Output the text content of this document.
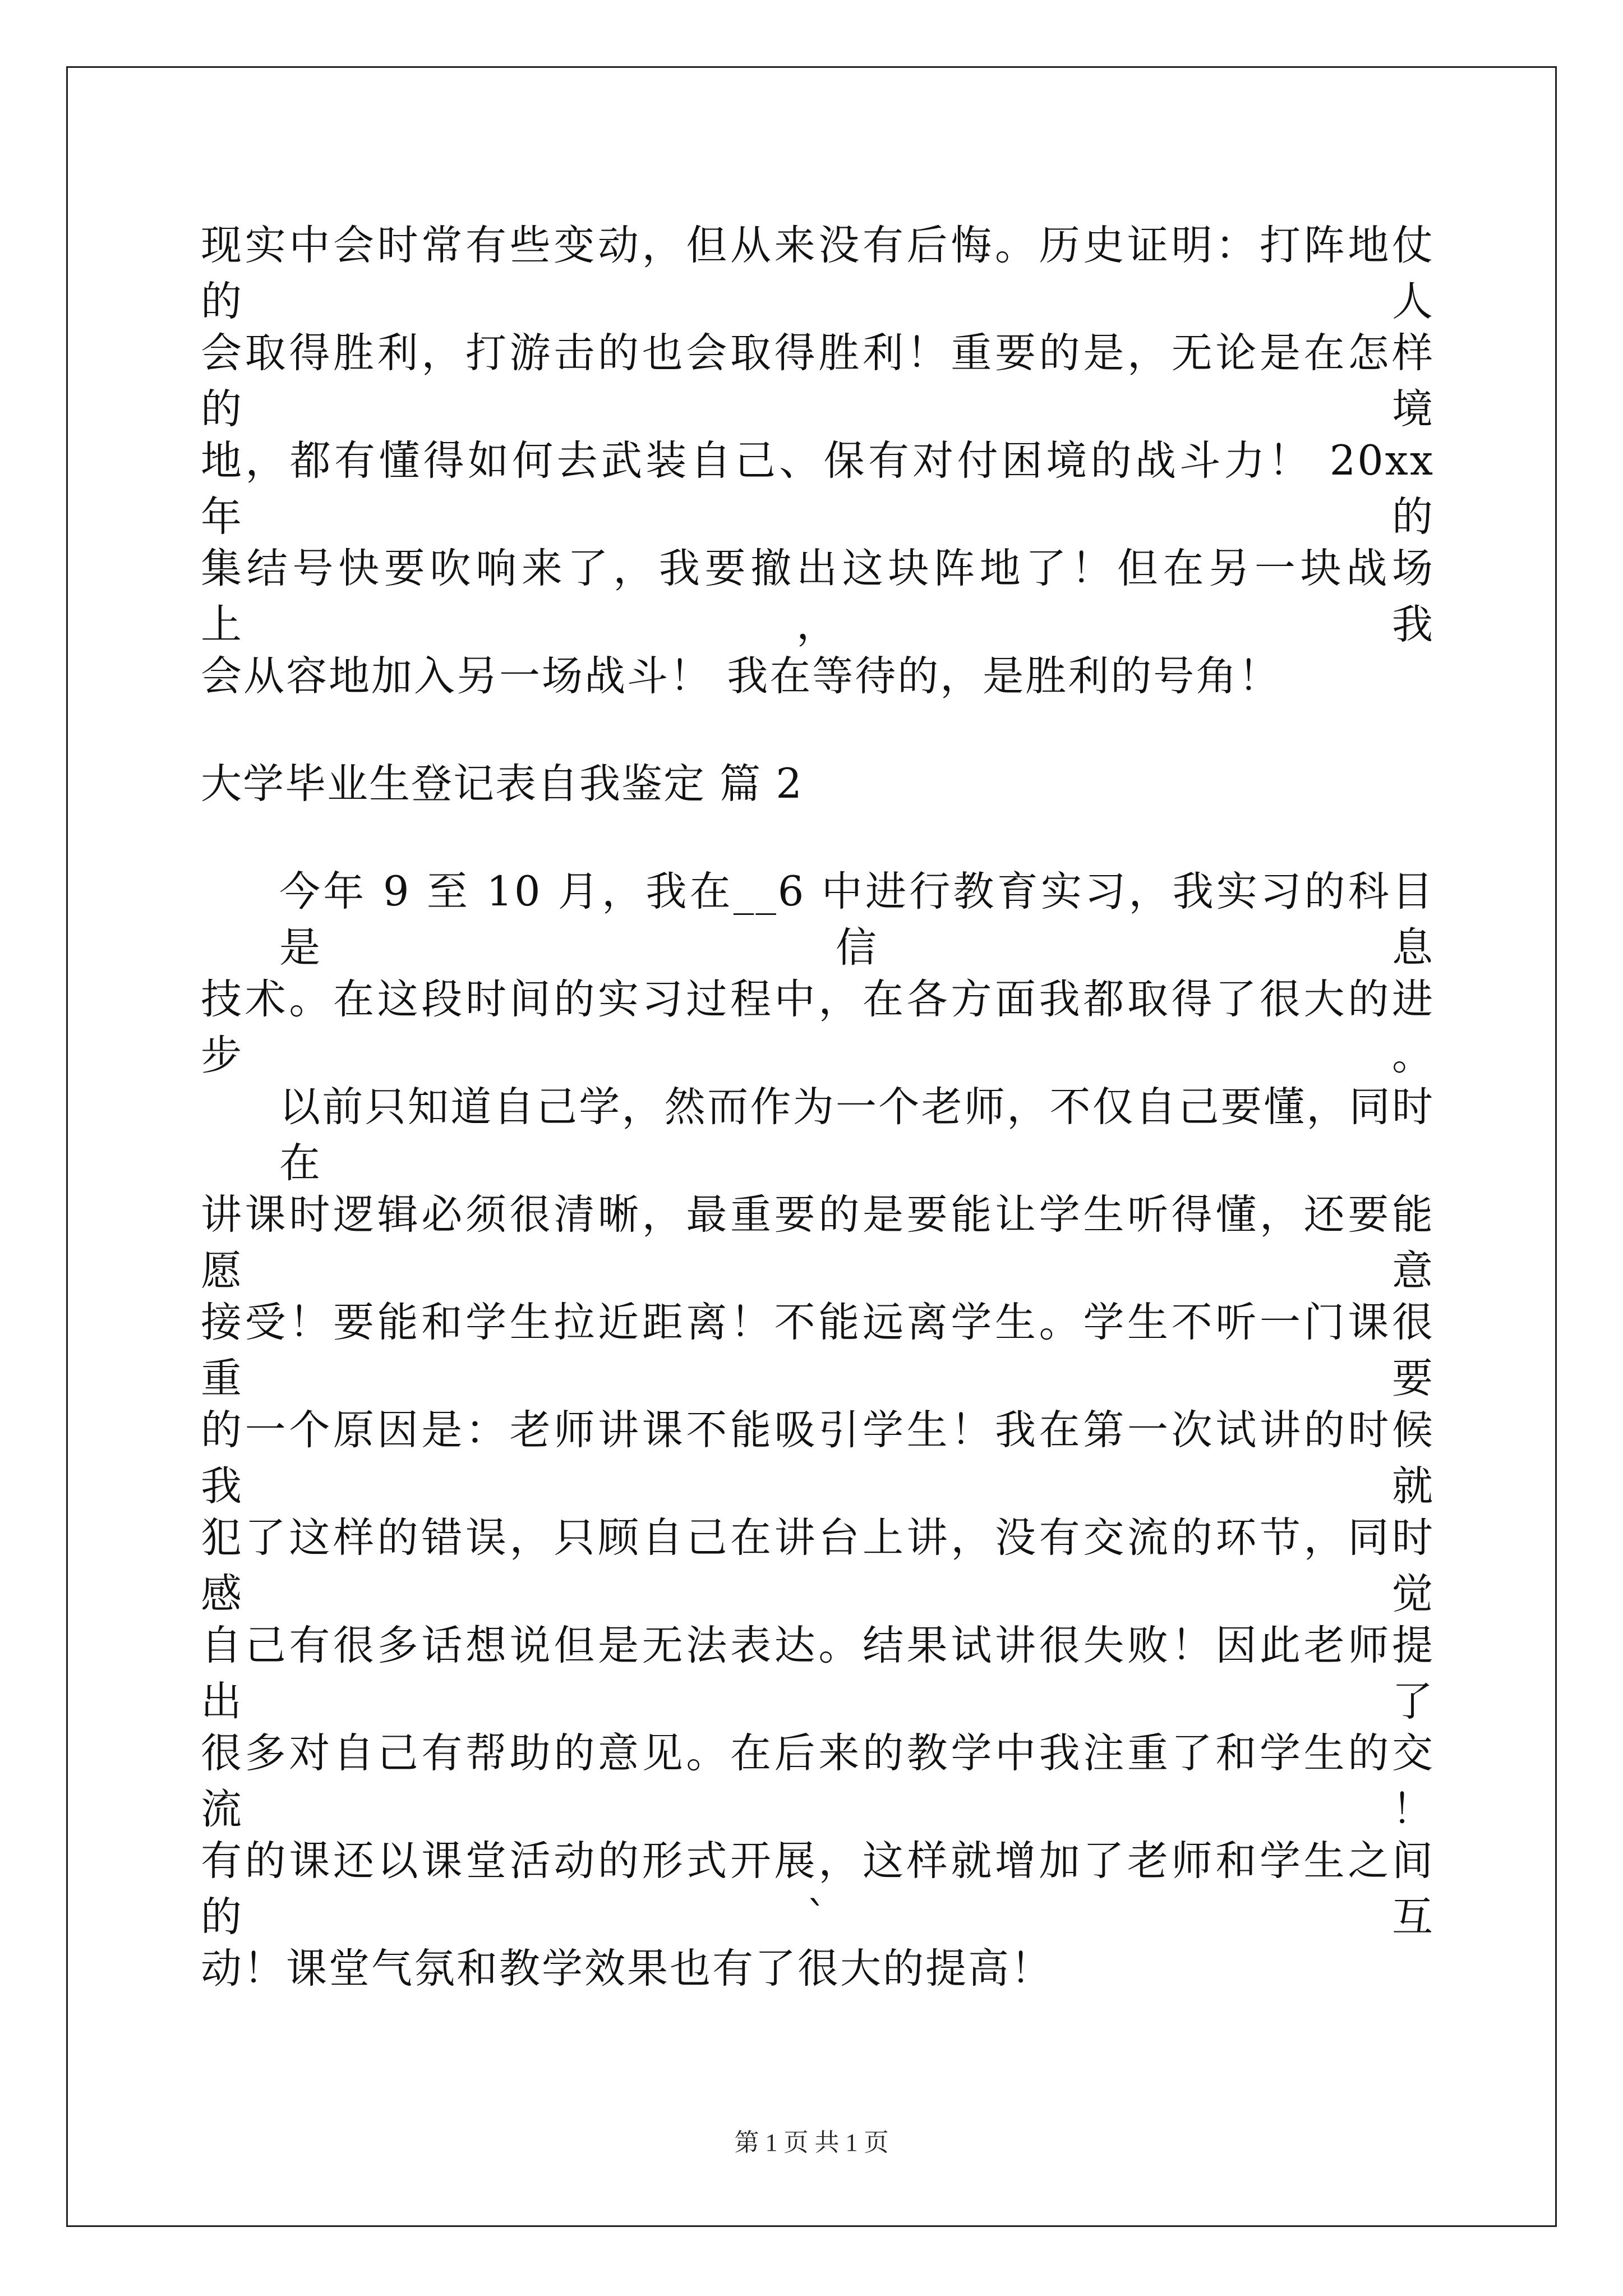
现实中会时常有些变动，但从来没有后悔。历史证明：打阵地仗的人
会取得胜利，打游击的也会取得胜利！重要的是，无论是在怎样的境
地，都有懂得如何去武装自己、保有对付困境的战斗力！ 20xx 年的
集结号快要吹响来了，我要撤出这块阵地了！但在另一块战场上，我
会从容地加入另一场战斗！ 我在等待的，是胜利的号角！
大学毕业生登记表自我鉴定 篇 2
今年 9 至 10 月，我在__6 中进行教育实习，我实习的科目是信息
技术。在这段时间的实习过程中，在各方面我都取得了很大的进步。
以前只知道自己学，然而作为一个老师，不仅自己要懂，同时在
讲课时逻辑必须很清晰，最重要的是要能让学生听得懂，还要能愿意
接受！要能和学生拉近距离！不能远离学生。学生不听一门课很重要
的一个原因是：老师讲课不能吸引学生！我在第一次试讲的时候我就
犯了这样的错误，只顾自己在讲台上讲，没有交流的环节，同时感觉
自己有很多话想说但是无法表达。结果试讲很失败！因此老师提出了
很多对自己有帮助的意见。在后来的教学中我注重了和学生的交流！
有的课还以课堂活动的形式开展，这样就增加了老师和学生之间的`互
动！课堂气氛和教学效果也有了很大的提高！
第 1 页 共 1 页
